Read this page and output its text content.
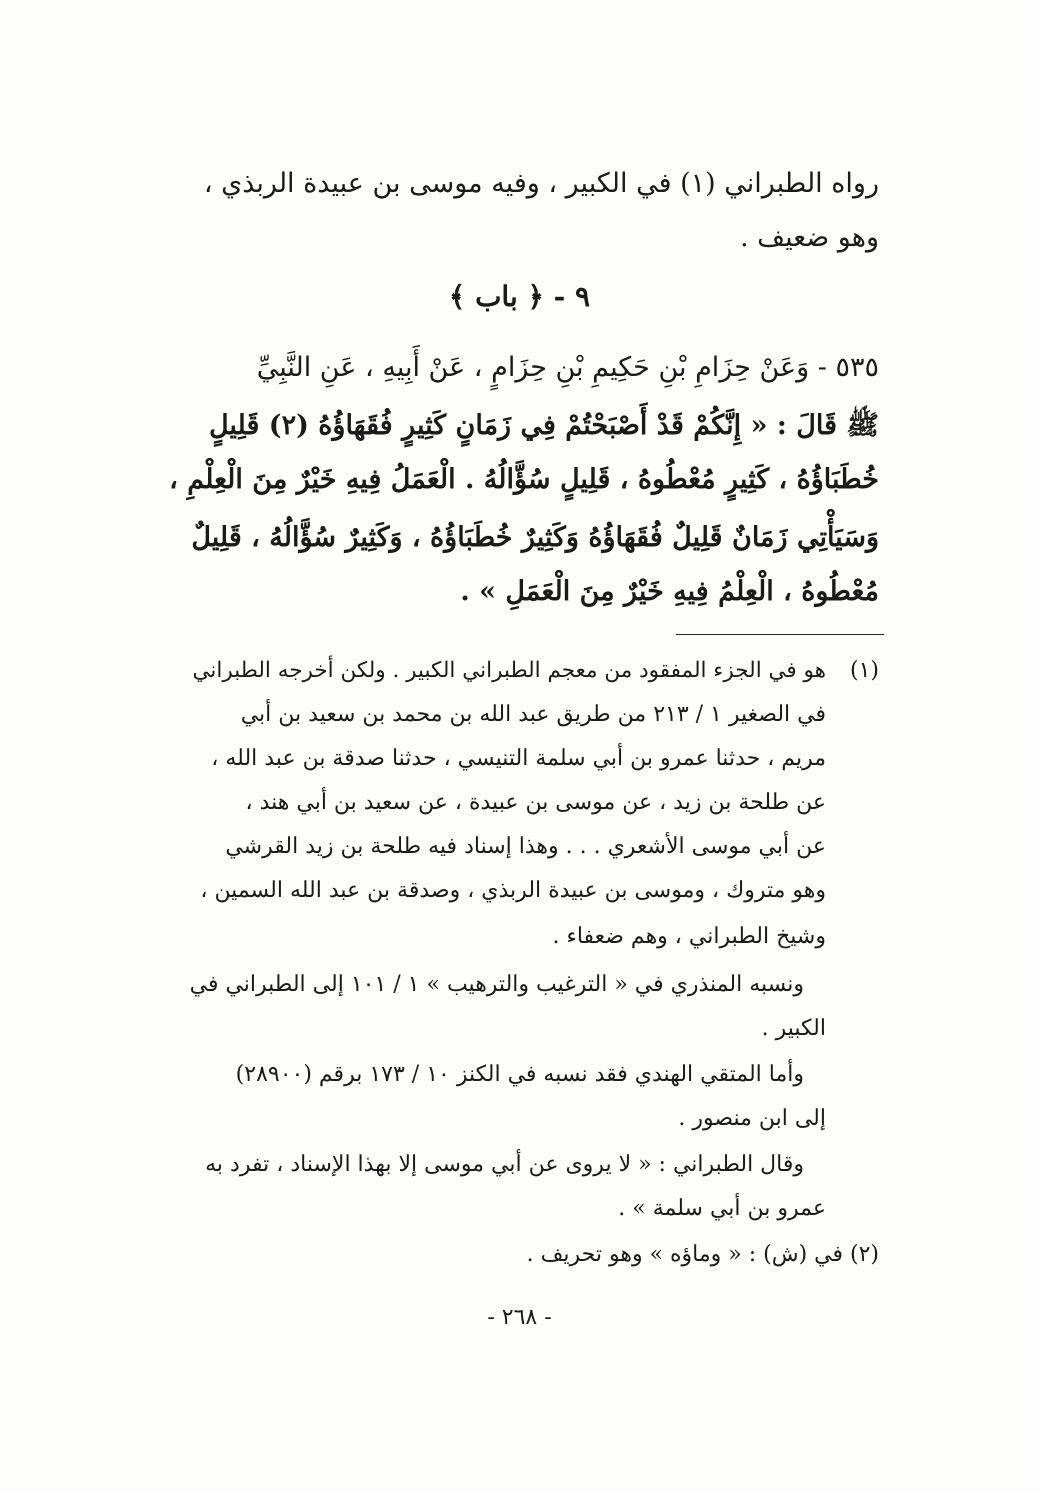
رواه الطبراني (١) في الكبير ، وفيه موسى بن عبيدة الربذي ،
وهو ضعيف .
٩ - ﴿ باب ﴾
٥٣٥ - وَعَنْ حِزَامِ بْنِ حَكِيمِ بْنِ حِزَامٍ ، عَنْ أَبِيهِ ، عَنِ النَّبِيِّ
ﷺ قَالَ : « إِنَّكُمْ قَدْ أَصْبَحْتُمْ فِي زَمَانٍ كَثِيرٍ فُقَهَاؤُهُ (٢) قَلِيلٍ
خُطَبَاؤُهُ ، كَثِيرٍ مُعْطُوهُ ، قَلِيلٍ سُؤَّالُهُ . الْعَمَلُ فِيهِ خَيْرٌ مِنَ الْعِلْمِ ،
وَسَيَأْتِي زَمَانٌ قَلِيلٌ فُقَهَاؤُهُ وَكَثِيرٌ خُطَبَاؤُهُ ، وَكَثِيرٌ سُؤَّالُهُ ، قَلِيلٌ
مُعْطُوهُ ، الْعِلْمُ فِيهِ خَيْرٌ مِنَ الْعَمَلِ » .
(١)
هو في الجزء المفقود من معجم الطبراني الكبير . ولكن أخرجه الطبراني
في الصغير ١ / ٢١٣ من طريق عبد الله بن محمد بن سعيد بن أبي
مريم ، حدثنا عمرو بن أبي سلمة التنيسي ، حدثنا صدقة بن عبد الله ،
عن طلحة بن زيد ، عن موسى بن عبيدة ، عن سعيد بن أبي هند ،
عن أبي موسى الأشعري . . . وهذا إسناد فيه طلحة بن زيد القرشي
وهو متروك ، وموسى بن عبيدة الربذي ، وصدقة بن عبد الله السمين ،
وشيخ الطبراني ، وهم ضعفاء .
ونسبه المنذري في « الترغيب والترهيب » ١ / ١٠١ إلى الطبراني في
الكبير .
وأما المتقي الهندي فقد نسبه في الكنز ١٠ / ١٧٣ برقم (٢٨٩٠٠)
إلى ابن منصور .
وقال الطبراني : « لا يروى عن أبي موسى إلا بهذا الإسناد ، تفرد به
عمرو بن أبي سلمة » .
(٢) في (ش) : « وماؤه » وهو تحريف .
- ٢٦٨ -
